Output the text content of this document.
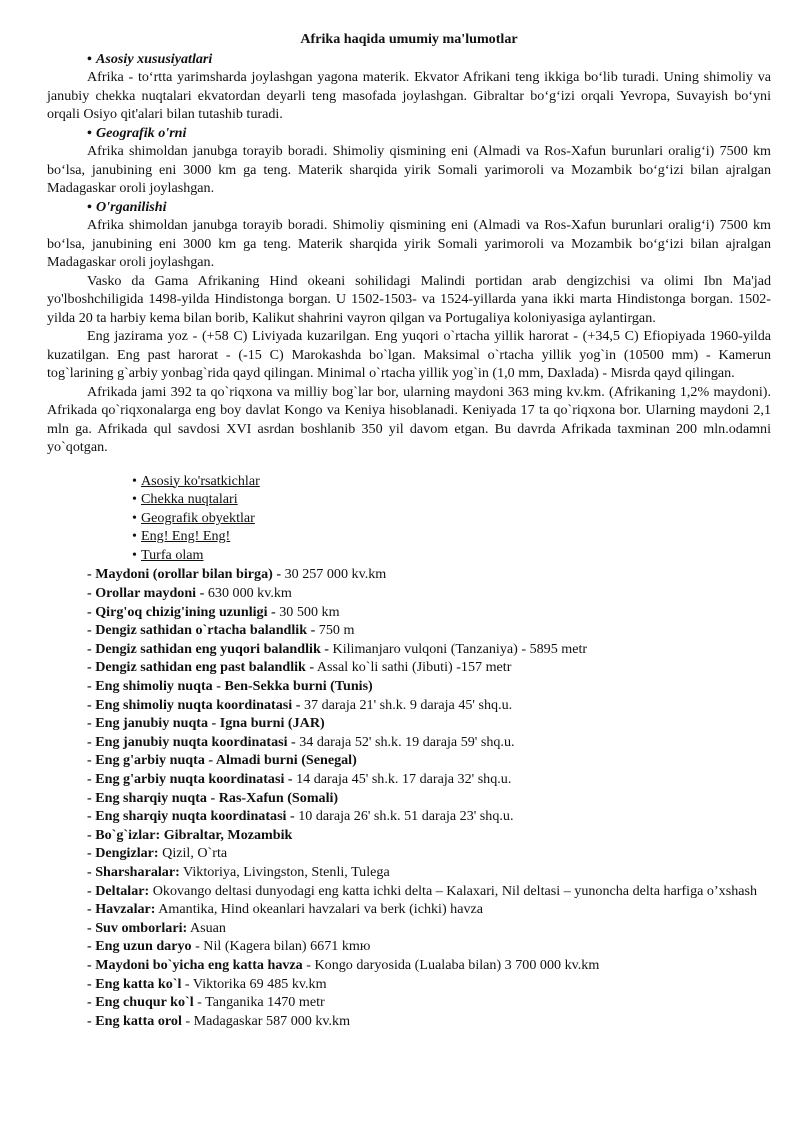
Afrika haqida umumiy ma'lumotlar
• Asosiy xususiyatlari

Afrika - to‘rtta yarimsharda joylashgan yagona materik. Ekvator Afrikani teng ikkiga bo‘lib turadi. Uning shimoliy va janubiy chekka nuqtalari ekvatordan deyarli teng masofada joylashgan. Gibraltar bo‘g‘izi orqali Yevropa, Suvayish bo‘yni orqali Osiyo qit'alari bilan tutashib turadi.

• Geografik o'rni

Afrika shimoldan janubga torayib boradi. Shimoliy qismining eni (Almadi va Ros-Xafun burunlari oralig‘i) 7500 km bo‘lsa, janubining eni 3000 km ga teng. Materik sharqida yirik Somali yarimoroli va Mozambik bo‘g‘izi bilan ajralgan Madagaskar oroli joylashgan.

• O'rganilishi

Afrika shimoldan janubga torayib boradi. Shimoliy qismining eni (Almadi va Ros-Xafun burunlari oralig‘i) 7500 km bo‘lsa, janubining eni 3000 km ga teng. Materik sharqida yirik Somali yarimoroli va Mozambik bo‘g‘izi bilan ajralgan Madagaskar oroli joylashgan.

Vasko da Gama Afrikaning Hind okeani sohilidagi Malindi portidan arab dengizchisi va olimi Ibn Ma'jad yo'lboshchiligida 1498-yilda Hindistonga borgan. U 1502-1503- va 1524-yillarda yana ikki marta Hindistonga borgan. 1502-yilda 20 ta harbiy kema bilan borib, Kalikut shahrini vayron qilgan va Portugaliya koloniyasiga aylantirgan.

Eng jazirama yoz - (+58 C) Liviyada kuzarilgan. Eng yuqori o`rtacha yillik harorat - (+34,5 C) Efiopiyada 1960-yilda kuzatilgan. Eng past harorat - (-15 C) Marokashda bo`lgan. Maksimal o`rtacha yillik yog`in (10500 mm) - Kamerun tog`larining g`arbiy yonbag`rida qayd qilingan. Minimal o`rtacha yillik yog`in (1,0 mm, Daxlada) - Misrda qayd qilingan.

Afrikada jami 392 ta qo`riqxona va milliy bog`lar bor, ularning maydoni 363 ming kv.km. (Afrikaning 1,2% maydoni). Afrikada qo`riqxonalarga eng boy davlat Kongo va Keniya hisoblanadi. Keniyada 17 ta qo`riqxona bor. Ularning maydoni 2,1 mln ga. Afrikada qul savdosi XVI asrdan boshlanib 350 yil davom etgan. Bu davrda Afrikada taxminan 200 mln.odamni yo`qotgan.

• Asosiy ko'rsatkichlar
• Chekka nuqtalari
• Geografik obyektlar
• Eng! Eng! Eng!
• Turfa olam
- Maydoni (orollar bilan birga) - 30 257 000 kv.km
- Orollar maydoni - 630 000 kv.km
- Qirg'oq chizig'ining uzunligi - 30 500 km
- Dengiz sathidan o`rtacha balandlik - 750 m
- Dengiz sathidan eng yuqori balandlik - Kilimanjaro vulqoni (Tanzaniya) - 5895 metr
- Dengiz sathidan eng past balandlik - Assal ko`li sathi (Jibuti) -157 metr
- Eng shimoliy nuqta - Ben-Sekka burni (Tunis)
- Eng shimoliy nuqta koordinatasi - 37 daraja 21' sh.k. 9 daraja 45' shq.u.
- Eng janubiy nuqta - Igna burni (JAR)
- Eng janubiy nuqta koordinatasi - 34 daraja 52' sh.k. 19 daraja 59' shq.u.
- Eng g'arbiy nuqta - Almadi burni (Senegal)
- Eng g'arbiy nuqta koordinatasi - 14 daraja 45' sh.k. 17 daraja 32' shq.u.
- Eng sharqiy nuqta - Ras-Xafun (Somali)
- Eng sharqiy nuqta koordinatasi - 10 daraja 26' sh.k. 51 daraja 23' shq.u.
- Bo`g`izlar: Gibraltar, Mozambik
- Dengizlar: Qizil, O`rta
- Sharsharalar: Viktoriya, Livingston, Stenli, Tulega
- Deltalar: Okovango deltasi dunyodagi eng katta ichki delta – Kalaxari, Nil deltasi – yunoncha delta harfiga o’xshash
- Havzalar: Amantika, Hind okeanlari havzalari va berk (ichki) havza
- Suv omborlari: Asuan
- Eng uzun daryo - Nil (Kagera bilan) 6671 kmю
- Maydoni bo`yicha eng katta havza - Kongo daryosida (Lualaba bilan) 3 700 000 kv.km
- Eng katta ko`l - Viktorika 69 485 kv.km
- Eng chuqur ko`l - Tanganika 1470 metr
- Eng katta orol - Madagaskar 587 000 kv.km
